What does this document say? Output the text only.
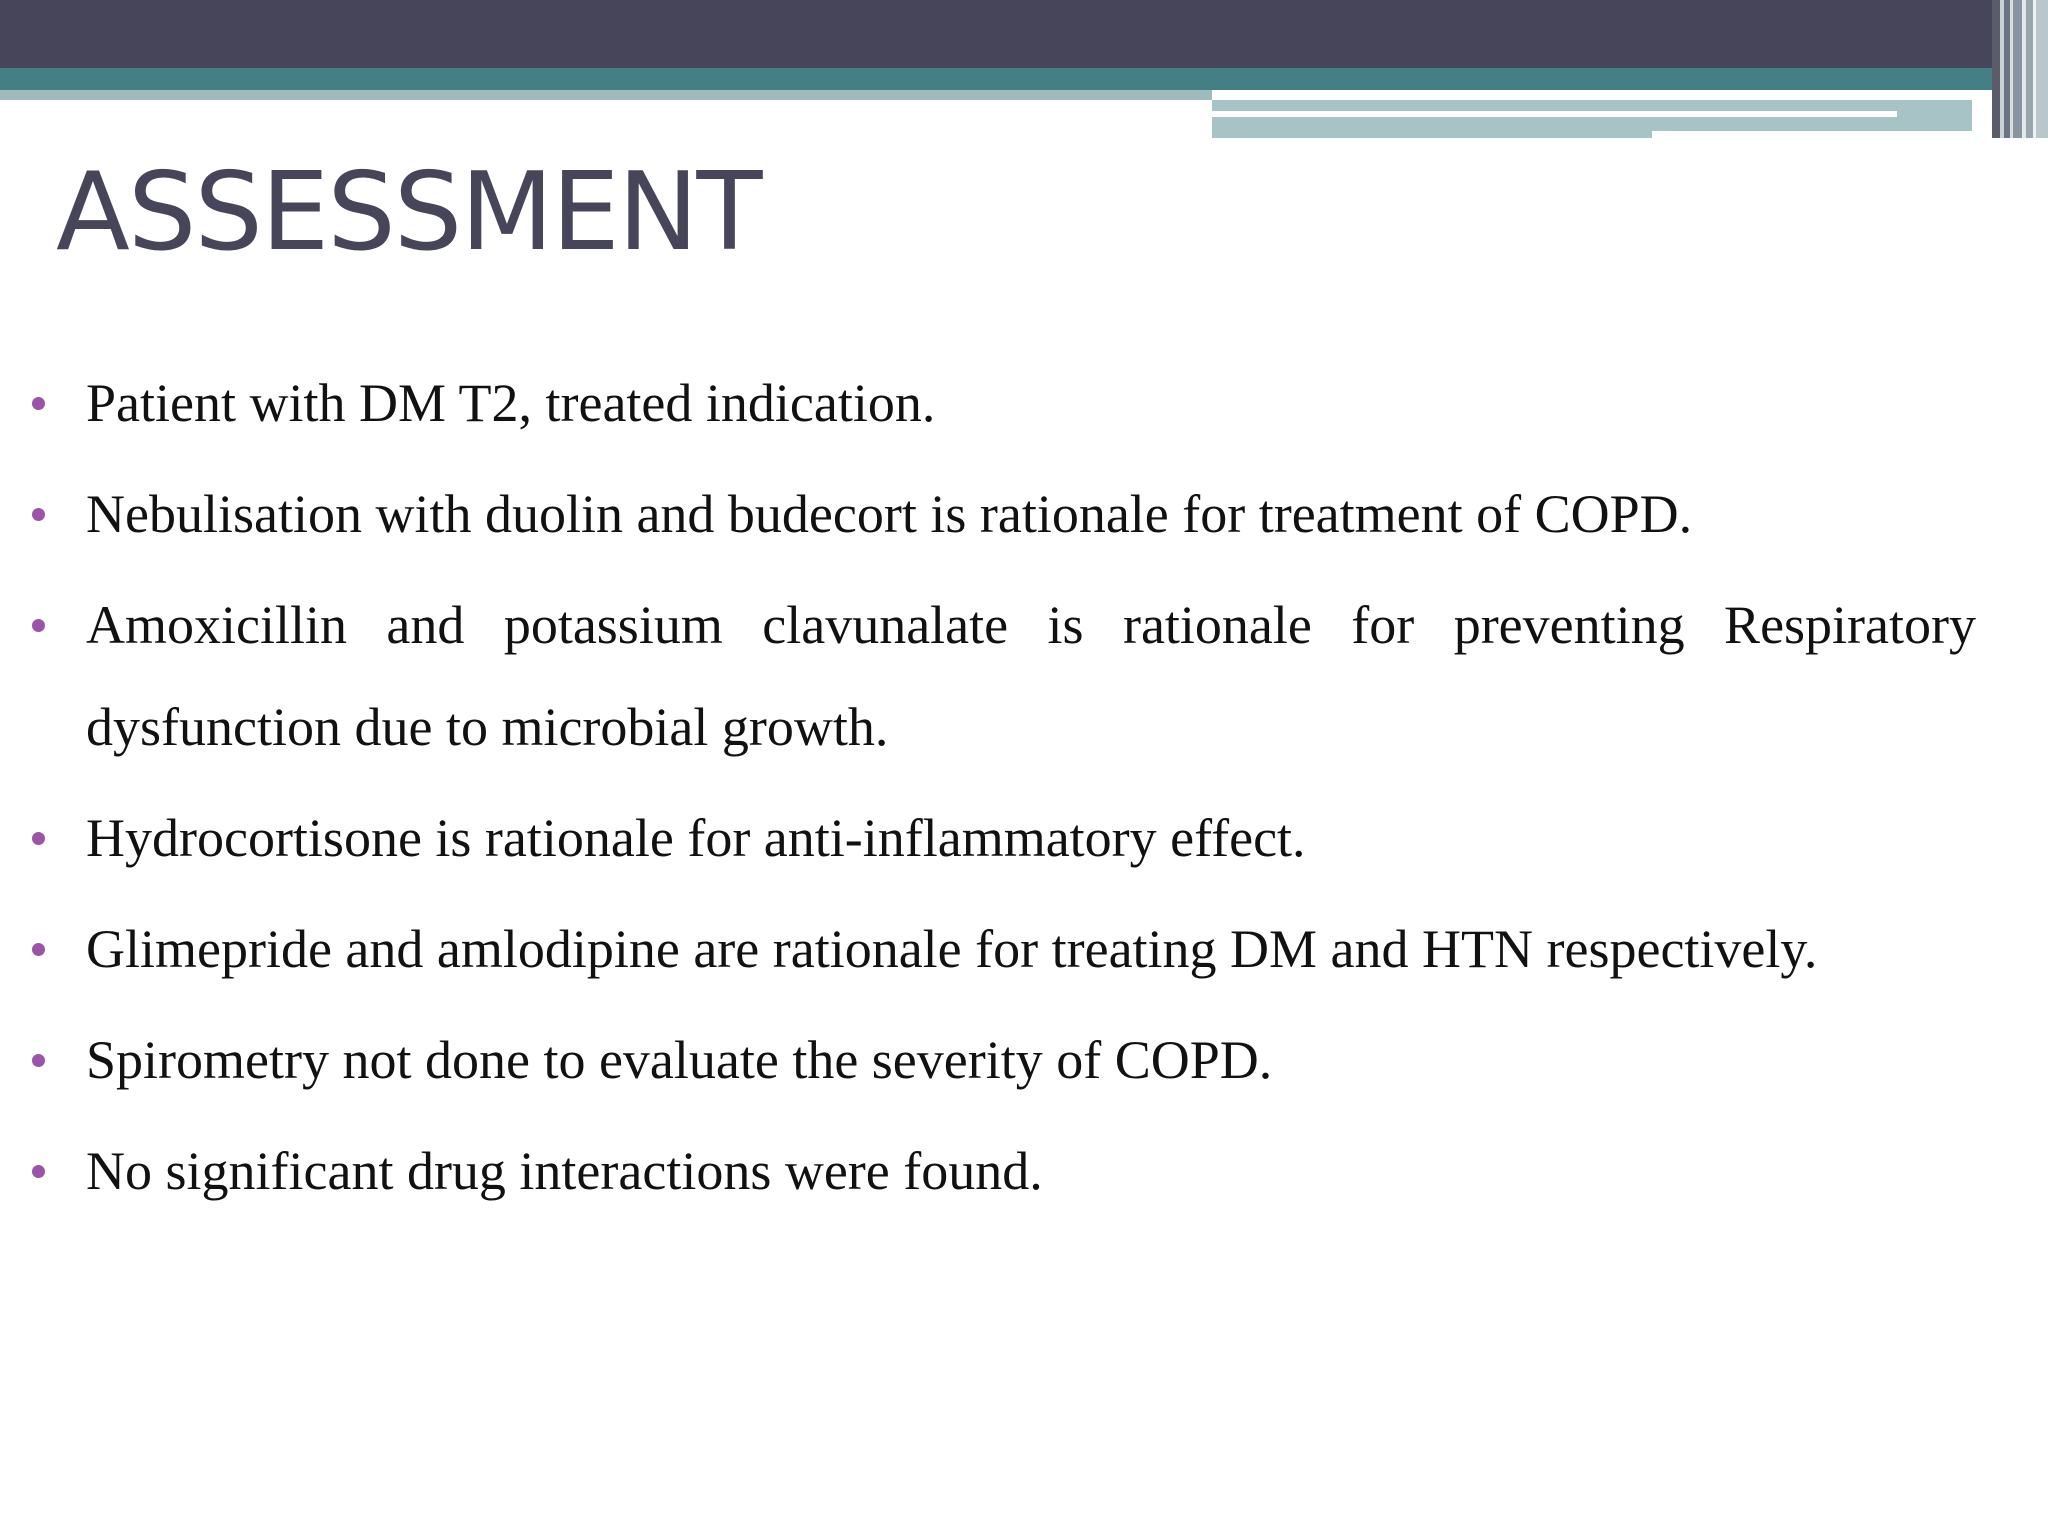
ASSESSMENT
Patient with DM T2, treated indication.
Nebulisation with duolin and budecort is rationale for treatment of COPD.
Amoxicillin and potassium clavunalate is rationale for preventing Respiratory dysfunction due to microbial growth.
Hydrocortisone is rationale for anti-inflammatory effect.
Glimepride and amlodipine are rationale for treating DM and HTN respectively.
Spirometry not done to evaluate the severity of COPD.
No significant drug interactions were found.
